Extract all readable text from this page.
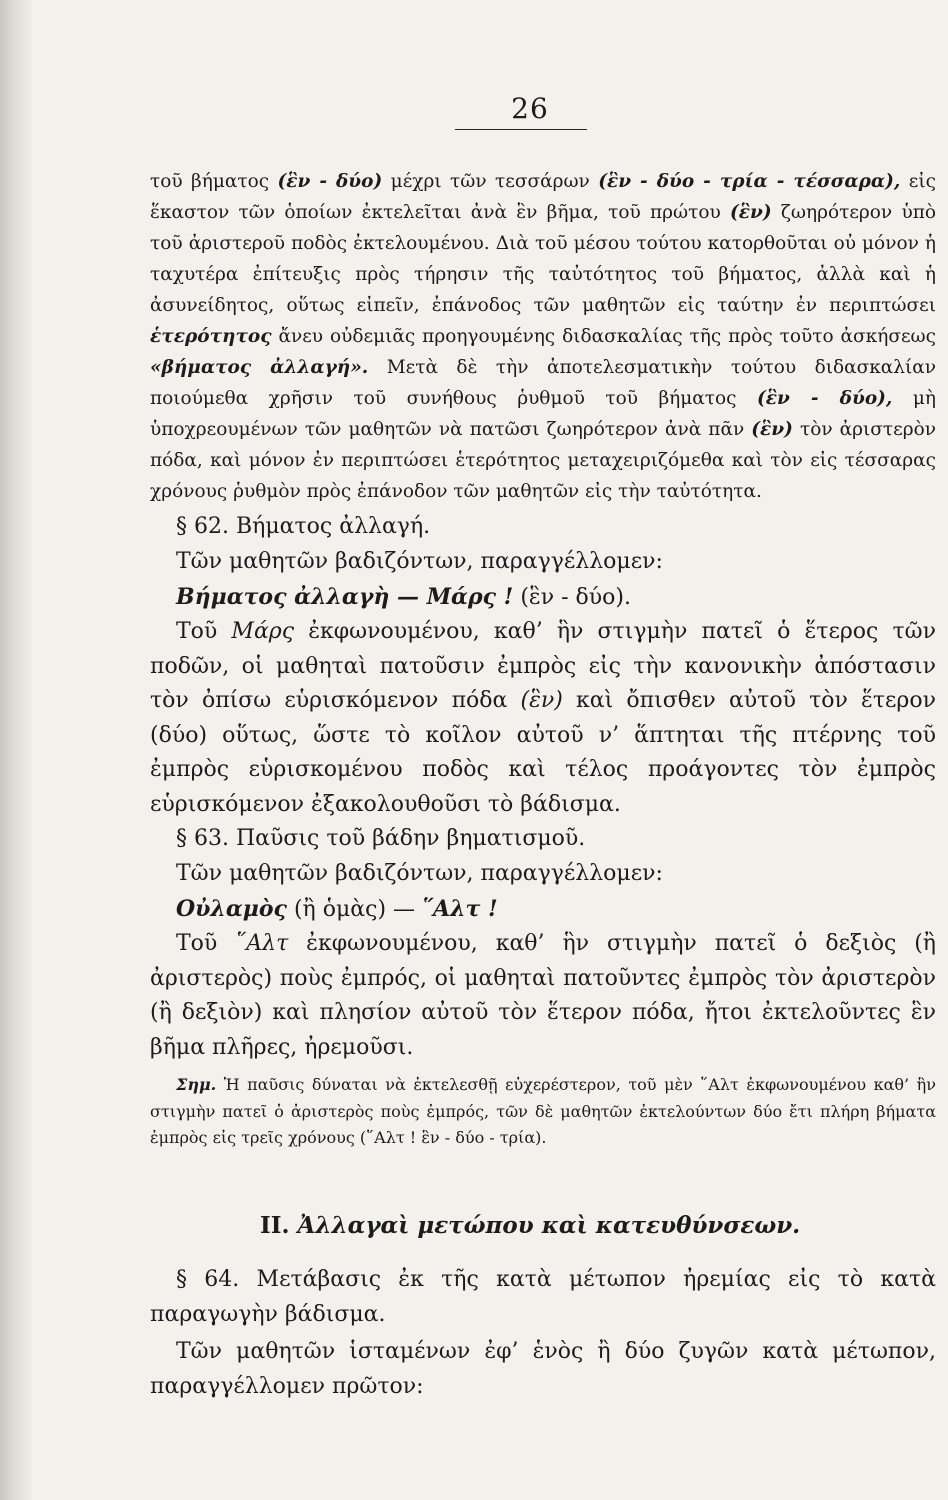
26
τοῦ βήματος (ἓν - δύο) μέχρι τῶν τεσσάρων (ἓν - δύο - τρία - τέσσαρα), εἰς ἕκαστον τῶν ὁποίων ἐκτελεῖται ἀνὰ ἓν βῆμα, τοῦ πρώτου (ἓν) ζωηρότερον ὑπὸ τοῦ ἀριστεροῦ ποδὸς ἐκτελουμένου. Διὰ τοῦ μέσου τούτου κατορθοῦται οὐ μόνον ἡ ταχυτέρα ἐπίτευξις πρὸς τήρησιν τῆς ταὐτότητος τοῦ βήματος, ἀλλὰ καὶ ἡ ἀσυνείδητος, οὕτως εἰπεῖν, ἐπάνοδος τῶν μαθητῶν εἰς ταύτην ἐν περιπτώσει ἑτερότητος ἄνευ οὐδεμιᾶς προηγουμένης διδασκαλίας τῆς πρὸς τοῦτο ἀσκήσεως «βήματος ἀλλαγή». Μετὰ δὲ τὴν ἀποτελεσματικὴν τούτου διδασκαλίαν ποιούμεθα χρῆσιν τοῦ συνήθους ῥυθμοῦ τοῦ βήματος (ἓν - δύο), μὴ ὑποχρεουμένων τῶν μαθητῶν νὰ πατῶσι ζωηρότερον ἀνὰ πᾶν (ἓν) τὸν ἀριστερὸν πόδα, καὶ μόνον ἐν περιπτώσει ἑτερότητος μεταχειριζόμεθα καὶ τὸν εἰς τέσσαρας χρόνους ῥυθμὸν πρὸς ἐπάνοδον τῶν μαθητῶν εἰς τὴν ταὐτότητα.
§ 62. Βήματος ἀλλαγή.
Τῶν μαθητῶν βαδιζόντων, παραγγέλλομεν:
Βήματος ἀλλαγὴ — Μάρς ! (ἓν - δύο).
Τοῦ Μάρς ἐκφωνουμένου, καθ’ ἣν στιγμὴν πατεῖ ὁ ἕτερος τῶν ποδῶν, οἱ μαθηταὶ πατοῦσιν ἐμπρὸς εἰς τὴν κανονικὴν ἀπόστασιν τὸν ὀπίσω εὑρισκόμενον πόδα (ἓν) καὶ ὄπισθεν αὐτοῦ τὸν ἕτερον (δύο) οὕτως, ὥστε τὸ κοῖλον αὐτοῦ ν’ ἅπτηται τῆς πτέρνης τοῦ ἐμπρὸς εὑρισκομένου ποδὸς καὶ τέλος προάγοντες τὸν ἐμπρὸς εὑρισκόμενον ἐξακολουθοῦσι τὸ βάδισμα.
§ 63. Παῦσις τοῦ βάδην βηματισμοῦ.
Τῶν μαθητῶν βαδιζόντων, παραγγέλλομεν:
Οὐλαμὸς (ἢ ὁμὰς) — ῞Αλτ !
Τοῦ ῞Αλτ ἐκφωνουμένου, καθ’ ἣν στιγμὴν πατεῖ ὁ δεξιὸς (ἢ ἀριστερὸς) ποὺς ἐμπρός, οἱ μαθηταὶ πατοῦντες ἐμπρὸς τὸν ἀριστερὸν (ἢ δεξιὸν) καὶ πλησίον αὐτοῦ τὸν ἕτερον πόδα, ἤτοι ἐκτελοῦντες ἓν βῆμα πλῆρες, ἠρεμοῦσι.
Σημ. Ἡ παῦσις δύναται νὰ ἐκτελεσθῇ εὐχερέστερον, τοῦ μὲν ῞Αλτ ἐκφωνουμένου καθ’ ἣν στιγμὴν πατεῖ ὁ ἀριστερὸς ποὺς ἐμπρός, τῶν δὲ μαθητῶν ἐκτελούντων δύο ἔτι πλήρη βήματα ἐμπρὸς εἰς τρεῖς χρόνους (῞Αλτ ! ἓν - δύο - τρία).
II. Ἀλλαγαὶ μετώπου καὶ κατευθύνσεων.
§ 64. Μετάβασις ἐκ τῆς κατὰ μέτωπον ἠρεμίας εἰς τὸ κατὰ παραγωγὴν βάδισμα.
Τῶν μαθητῶν ἱσταμένων ἐφ’ ἑνὸς ἢ δύο ζυγῶν κατὰ μέτωπον, παραγγέλλομεν πρῶτον:
